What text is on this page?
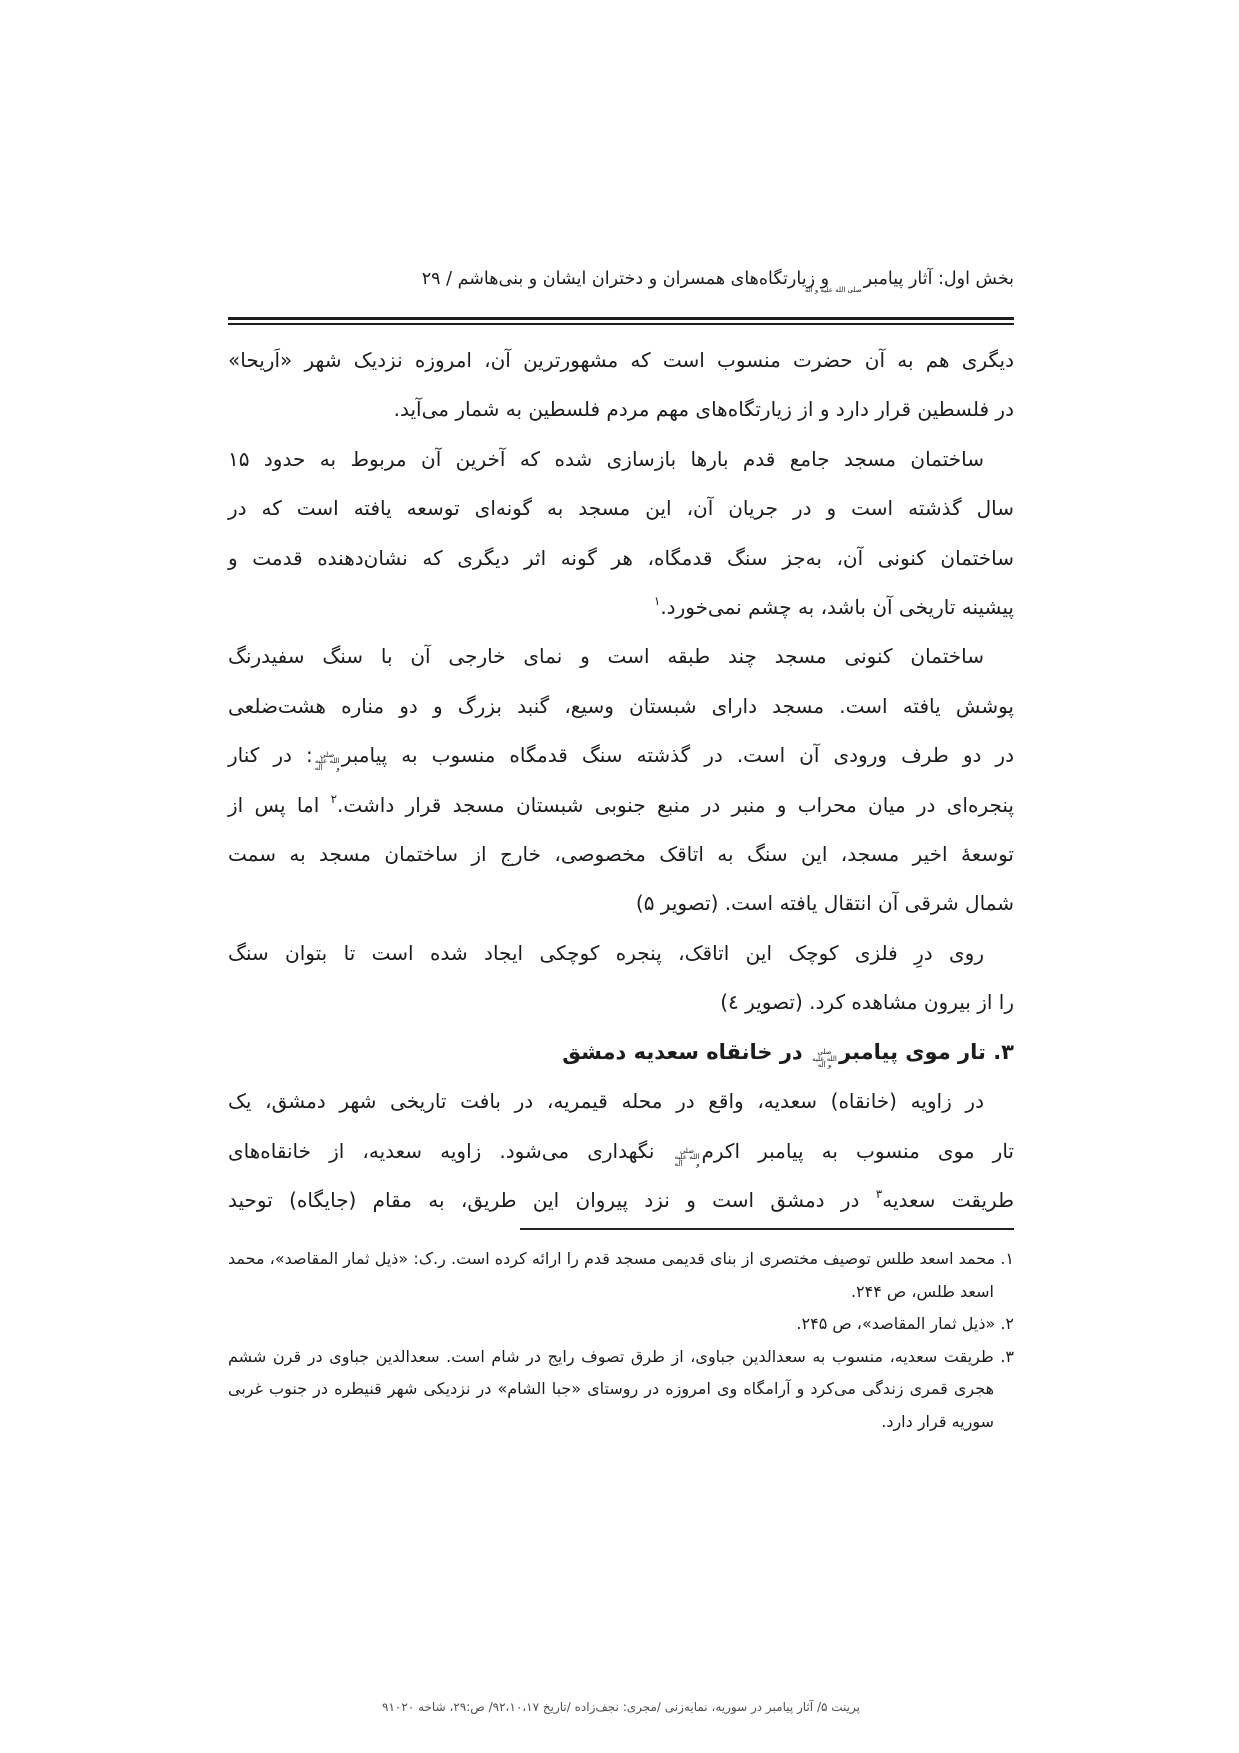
بخش اول: آثار پیامبرصلی الله علیه و آله و زیارتگاه‌های همسران و دختران ایشان و بنی‌هاشم / ۲۹
دیگری هم به آن حضرت منسوب است که مشهورترین آن، امروزه نزدیک شهر «اَریحا»
در فلسطین قرار دارد و از زیارتگاه‌های مهم مردم فلسطین به شمار می‌آید.
ساختمان مسجد جامع قدم بارها بازسازی شده که آخرین آن مربوط به حدود ۱۵
سال گذشته است و در جریان آن، این مسجد به گونه‌ای توسعه یافته است که در
ساختمان کنونی آن، به‌جز سنگ قدمگاه، هر گونه اثر دیگری که نشان‌دهنده قدمت و
پیشینه تاریخی آن باشد، به چشم نمی‌خورد.$^۱$
ساختمان کنونی مسجد چند طبقه است و نمای خارجی آن با سنگ سفیدرنگ
پوشش یافته است. مسجد دارای شبستان وسیع، گنبد بزرگ و دو مناره هشت‌ضلعی
در دو طرف ورودی آن است. در گذشته سنگ قدمگاه منسوب به پیامبرصلی الله علیه و آله: در کنار
پنجره‌ای در میان محراب و منبر در منبع جنوبی شبستان مسجد قرار داشت.$^۲$ اما پس از
توسعهٔ اخیر مسجد، این سنگ به اتاقک مخصوصی، خارج از ساختمان مسجد به سمت
شمال شرقی آن انتقال یافته است. (تصویر ۵)
روی درِ فلزی کوچک این اتاقک، پنجره کوچکی ایجاد شده است تا بتوان سنگ
را از بیرون مشاهده کرد. (تصویر ٤)
۳. تار موی پیامبرصلی الله علیه و آله در خانقاه سعدیه دمشق
در زاویه (خانقاه) سعدیه، واقع در محله قیمریه، در بافت تاریخی شهر دمشق، یک
تار موی منسوب به پیامبر اکرمصلی الله علیه و آله نگهداری می‌شود. زاویه سعدیه، از خانقاه‌های
طریقت سعدیه$^۳$ در دمشق است و نزد پیروان این طریق، به مقام (جایگاه) توحید
۱. محمد اسعد طلس توصیف مختصری از بنای قدیمی مسجد قدم را ارائه کرده است. ر.ک: «ذیل ثمار المقاصد»، محمد اسعد طلس، ص ۲۴۴.
۲. «ذیل ثمار المقاصد»، ص ۲۴۵.
۳. طریقت سعدیه، منسوب به سعدالدین جباوی، از طرق تصوف رایج در شام است. سعدالدین جباوی در قرن ششم هجری قمری زندگی می‌کرد و آرامگاه وی امروزه در روستای «جبا الشام» در نزدیکی شهر قنیطره در جنوب غربی سوریه قرار دارد.
پرینت ۵/ آثار پیامبر در سوریه، نمایه‌زنی /مجری: نجف‌زاده /تاریخ ۹۲،۱۰،۱۷/ ص:۲۹، شاخه ۹۱۰۲۰
